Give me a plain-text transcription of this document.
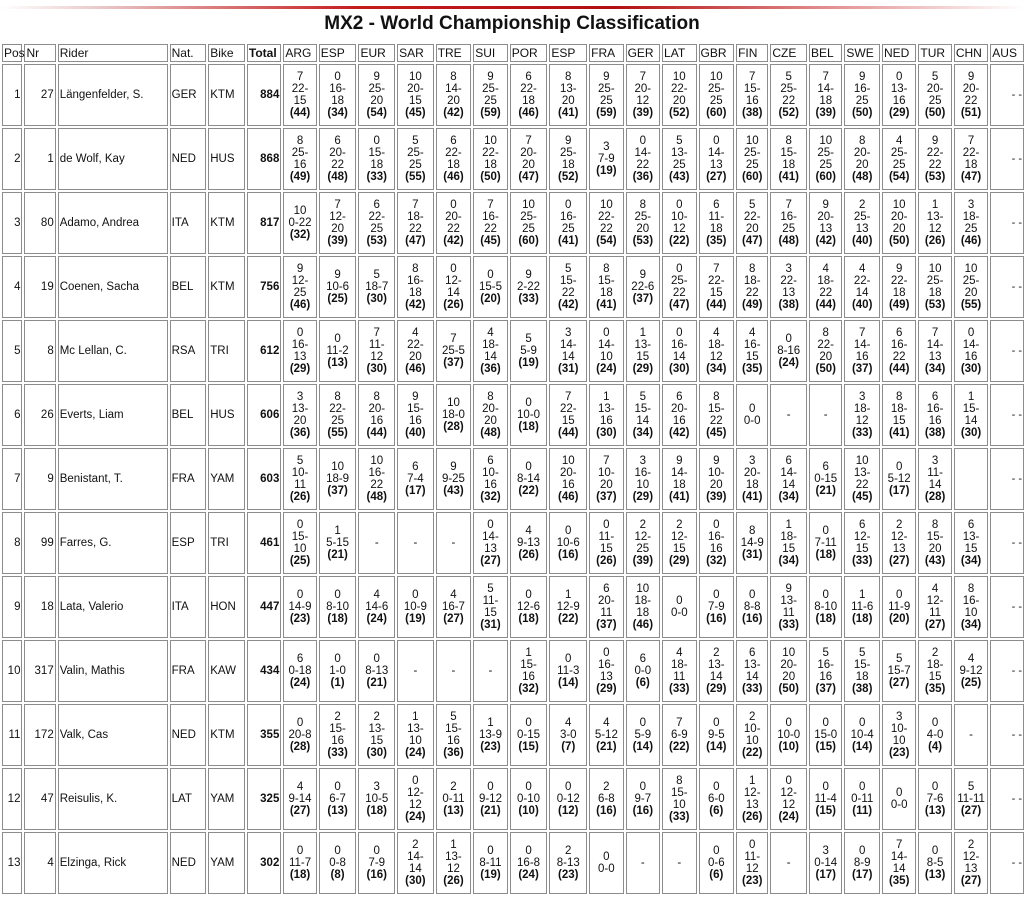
MX2 - World Championship Classification
Pos	Nr	Rider	Nat.	Bike	Total	ARG	ESP	EUR	SAR	TRE	SUI	POR	ESP	FRA	GER	LAT	GBR	FIN	CZE	BEL	SWE	NED	TUR	CHN	AUS
1	27	Längenfelder, S.	GER	KTM	884	7
22-
15
(44)	0
16-
18
(34)	9
25-
20
(54)	10
20-
15
(45)	8
14-
20
(42)	9
25-
25
(59)	6
22-
18
(46)	8
13-
20
(41)	9
25-
25
(59)	7
20-
12
(39)	10
22-
20
(52)	10
25-
25
(60)	7
15-
16
(38)	5
25-
22
(52)	7
14-
18
(39)	9
16-
25
(50)	0
13-
16
(29)	5
20-
25
(50)	9
20-
22
(51)	- -
2	1	de Wolf, Kay	NED	HUS	868	8
25-
16
(49)	6
20-
22
(48)	0
15-
18
(33)	5
25-
25
(55)	6
22-
18
(46)	10
22-
18
(50)	7
20-
20
(47)	9
25-
18
(52)	3
7-9
(19)	0
14-
22
(36)	5
13-
25
(43)	0
14-
13
(27)	10
25-
25
(60)	8
15-
18
(41)	10
25-
25
(60)	8
20-
20
(48)	4
25-
25
(54)	9
22-
22
(53)	7
22-
18
(47)	- -
3	80	Adamo, Andrea	ITA	KTM	817	10
0-22
(32)	7
12-
20
(39)	6
22-
25
(53)	7
18-
22
(47)	0
20-
22
(42)	7
16-
22
(45)	10
25-
25
(60)	0
16-
25
(41)	10
22-
22
(54)	8
25-
20
(53)	0
10-
12
(22)	6
11-
18
(35)	5
22-
20
(47)	7
16-
25
(48)	9
20-
13
(42)	2
25-
13
(40)	10
20-
20
(50)	1
13-
12
(26)	3
18-
25
(46)	- -
4	19	Coenen, Sacha	BEL	KTM	756	9
12-
25
(46)	9
10-6
(25)	5
18-7
(30)	8
16-
18
(42)	0
12-
14
(26)	0
15-5
(20)	9
2-22
(33)	5
15-
22
(42)	8
15-
18
(41)	9
22-6
(37)	0
25-
22
(47)	7
22-
15
(44)	8
18-
22
(49)	3
22-
13
(38)	4
18-
22
(44)	4
22-
14
(40)	9
22-
18
(49)	10
25-
18
(53)	10
25-
20
(55)	- -
5	8	Mc Lellan, C.	RSA	TRI	612	0
16-
13
(29)	0
11-2
(13)	7
11-
12
(30)	4
22-
20
(46)	7
25-5
(37)	4
18-
14
(36)	5
5-9
(19)	3
14-
14
(31)	0
14-
10
(24)	1
13-
15
(29)	0
16-
14
(30)	4
18-
12
(34)	4
16-
15
(35)	0
8-16
(24)	8
22-
20
(50)	7
14-
16
(37)	6
16-
22
(44)	7
14-
13
(34)	0
14-
16
(30)	- -
6	26	Everts, Liam	BEL	HUS	606	3
13-
20
(36)	8
22-
25
(55)	8
20-
16
(44)	9
15-
16
(40)	10
18-0
(28)	8
20-
20
(48)	0
10-0
(18)	7
22-
15
(44)	1
13-
16
(30)	5
15-
14
(34)	6
20-
16
(42)	8
15-
22
(45)	0
0-0	-	-	3
18-
12
(33)	8
18-
15
(41)	6
16-
16
(38)	1
15-
14
(30)	- -
7	9	Benistant, T.	FRA	YAM	603	5
10-
11
(26)	10
18-9
(37)	10
16-
22
(48)	6
7-4
(17)	9
9-25
(43)	6
10-
16
(32)	0
8-14
(22)	10
20-
16
(46)	7
10-
20
(37)	3
16-
10
(29)	9
14-
18
(41)	9
10-
20
(39)	3
20-
18
(41)	6
14-
14
(34)	6
0-15
(21)	10
13-
22
(45)	0
5-12
(17)	3
11-
14
(28)		- -
8	99	Farres, G.	ESP	TRI	461	0
15-
10
(25)	1
5-15
(21)	-	-	-	0
14-
13
(27)	4
9-13
(26)	0
10-6
(16)	0
11-
15
(26)	2
12-
25
(39)	2
12-
15
(29)	0
16-
16
(32)	8
14-9
(31)	1
18-
15
(34)	0
7-11
(18)	6
12-
15
(33)	2
12-
13
(27)	8
15-
20
(43)	6
13-
15
(34)	- -
9	18	Lata, Valerio	ITA	HON	447	0
14-9
(23)	0
8-10
(18)	4
14-6
(24)	0
10-9
(19)	4
16-7
(27)	5
11-
15
(31)	0
12-6
(18)	1
12-9
(22)	6
20-
11
(37)	10
18-
18
(46)	0
0-0	0
7-9
(16)	0
8-8
(16)	9
13-
11
(33)	0
8-10
(18)	1
11-6
(18)	0
11-9
(20)	4
12-
11
(27)	8
16-
10
(34)	- -
10	317	Valin, Mathis	FRA	KAW	434	6
0-18
(24)	0
1-0
(1)	0
8-13
(21)	-	-	-	1
15-
16
(32)	0
11-3
(14)	0
16-
13
(29)	6
0-0
(6)	4
18-
11
(33)	2
13-
14
(29)	6
13-
14
(33)	10
20-
20
(50)	5
16-
16
(37)	5
15-
18
(38)	5
15-7
(27)	2
18-
15
(35)	4
9-12
(25)	- -
11	172	Valk, Cas	NED	KTM	355	0
20-8
(28)	2
15-
16
(33)	2
13-
15
(30)	1
13-
10
(24)	5
15-
16
(36)	1
13-9
(23)	0
0-15
(15)	4
3-0
(7)	4
5-12
(21)	0
5-9
(14)	7
6-9
(22)	0
9-5
(14)	2
10-
10
(22)	0
10-0
(10)	0
15-0
(15)	0
10-4
(14)	3
10-
10
(23)	0
4-0
(4)	-	- -
12	47	Reisulis, K.	LAT	YAM	325	4
9-14
(27)	0
6-7
(13)	3
10-5
(18)	0
12-
12
(24)	2
0-11
(13)	0
9-12
(21)	0
0-10
(10)	0
0-12
(12)	2
6-8
(16)	0
9-7
(16)	8
15-
10
(33)	0
6-0
(6)	1
12-
13
(26)	0
12-
12
(24)	0
11-4
(15)	0
0-11
(11)	0
0-0	0
7-6
(13)	5
11-11
(27)	- -
13	4	Elzinga, Rick	NED	YAM	302	0
11-7
(18)	0
0-8
(8)	0
7-9
(16)	2
14-
14
(30)	1
13-
12
(26)	0
8-11
(19)	0
16-8
(24)	2
8-13
(23)	0
0-0	-	-	0
0-6
(6)	0
11-
12
(23)	-	3
0-14
(17)	0
8-9
(17)	7
14-
14
(35)	0
8-5
(13)	2
12-
13
(27)	- -
